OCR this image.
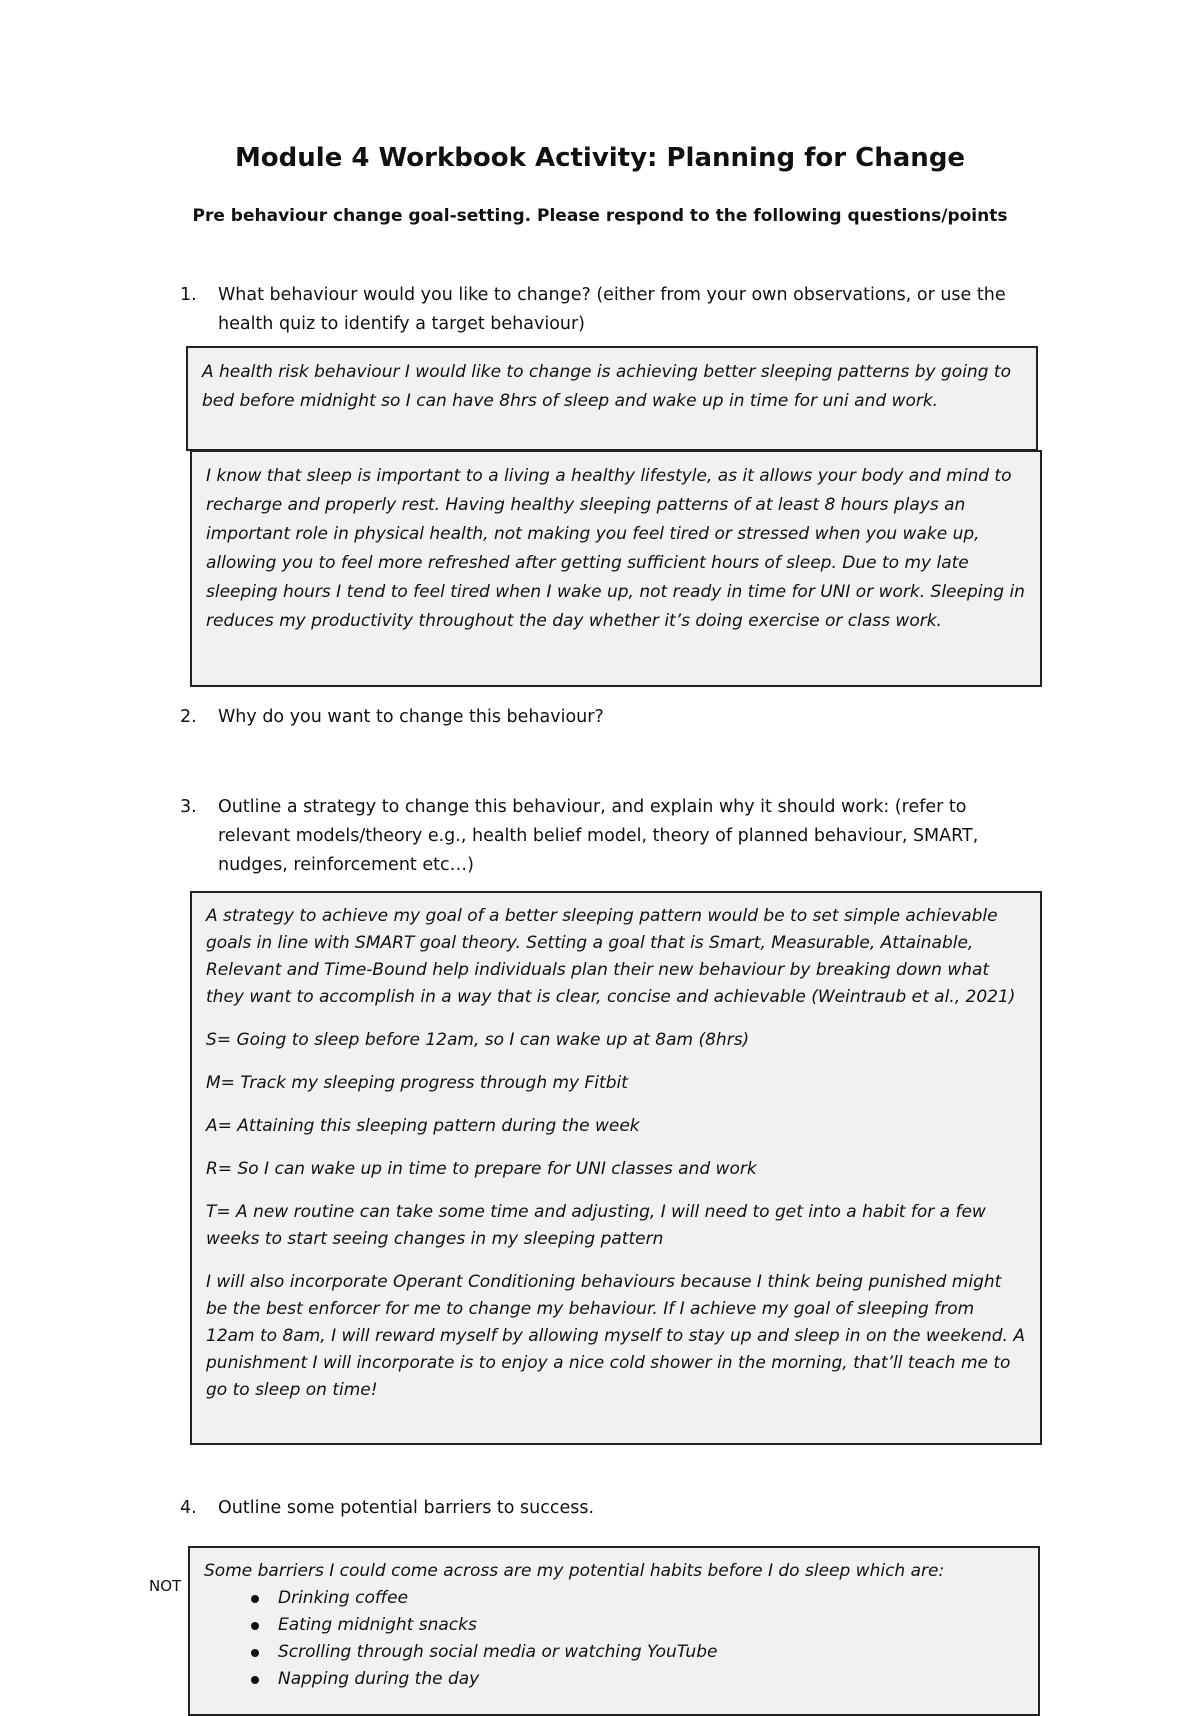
Module 4 Workbook Activity: Planning for Change

Pre behaviour change goal-setting. Please respond to the following questions/points

1.	What behaviour would you like to change? (either from your own observations, or use the health quiz to identify a target behaviour)

A health risk behaviour I would like to change is achieving better sleeping patterns by going to bed before midnight so I can have 8hrs of sleep and wake up in time for uni and work.

I know that sleep is important to a living a healthy lifestyle, as it allows your body and mind to recharge and properly rest. Having healthy sleeping patterns of at least 8 hours plays an important role in physical health, not making you feel tired or stressed when you wake up, allowing you to feel more refreshed after getting sufficient hours of sleep. Due to my late sleeping hours I tend to feel tired when I wake up, not ready in time for UNI or work. Sleeping in reduces my productivity throughout the day whether it’s doing exercise or class work.

2.	Why do you want to change this behaviour?
3.	Outline a strategy to change this behaviour, and explain why it should work: (refer to relevant models/theory e.g., health belief model, theory of planned behaviour, SMART, nudges, reinforcement etc…)

A strategy to achieve my goal of a better sleeping pattern would be to set simple achievable goals in line with SMART goal theory. Setting a goal that is Smart, Measurable, Attainable, Relevant and Time-Bound help individuals plan their new behaviour by breaking down what they want to accomplish in a way that is clear, concise and achievable (Weintraub et al., 2021)

S= Going to sleep before 12am, so I can wake up at 8am (8hrs)

M= Track my sleeping progress through my Fitbit

A= Attaining this sleeping pattern during the week

R= So I can wake up in time to prepare for UNI classes and work

T= A new routine can take some time and adjusting, I will need to get into a habit for a few weeks to start seeing changes in my sleeping pattern

I will also incorporate Operant Conditioning behaviours because I think being punished might be the best enforcer for me to change my behaviour. If I achieve my goal of sleeping from 12am to 8am, I will reward myself by allowing myself to stay up and sleep in on the weekend. A punishment I will incorporate is to enjoy a nice cold shower in the morning, that’ll teach me to go to sleep on time!

4.	Outline some potential barriers to success.
NOT

Some barriers I could come across are my potential habits before I do sleep which are:

Drinking coffee
Eating midnight snacks
Scrolling through social media or watching YouTube
Napping during the day
